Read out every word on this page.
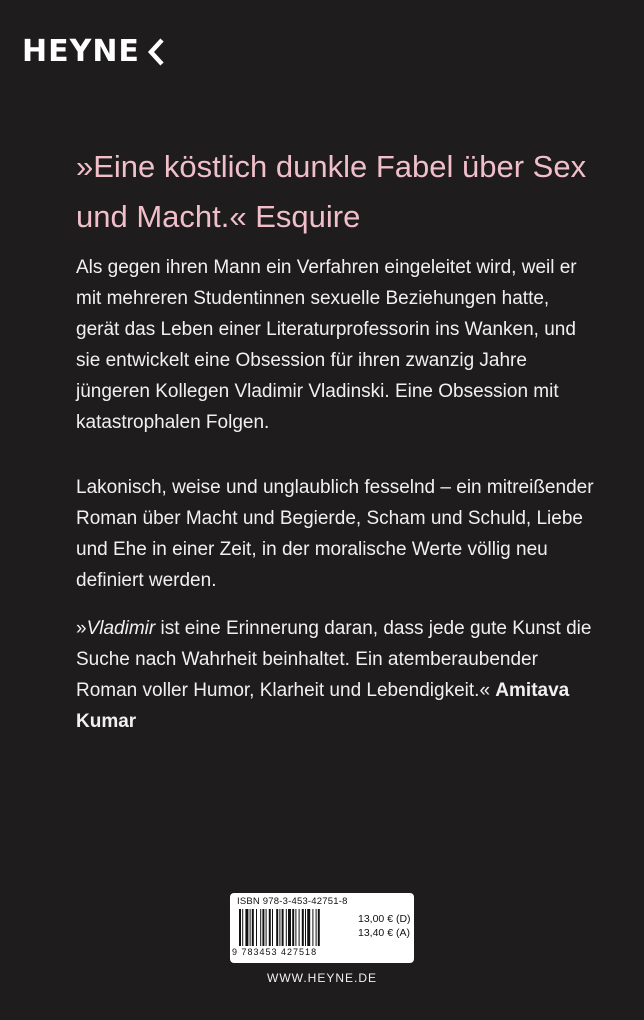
HEYNE

»Eine köstlich dunkle Fabel über Sex und Macht.« Esquire

Als gegen ihren Mann ein Verfahren eingeleitet wird, weil er mit mehreren Studentinnen sexuelle Beziehungen hatte, gerät das Leben einer Literaturprofessorin ins Wanken, und sie entwickelt eine Obsession für ihren zwanzig Jahre jüngeren Kollegen Vladimir Vladinski. Eine Obsession mit katastrophalen Folgen.

Lakonisch, weise und unglaublich fesselnd – ein mitreißender Roman über Macht und Begierde, Scham und Schuld, Liebe und Ehe in einer Zeit, in der moralische Werte völlig neu definiert werden.

»Vladimir ist eine Erinnerung daran, dass jede gute Kunst die Suche nach Wahrheit beinhaltet. Ein atemberaubender Roman voller Humor, Klarheit und Lebendigkeit.« Amitava Kumar

ISBN 978-3-453-42751-8
9 783453 427518
13,00 € (D)
13,40 € (A)
WWW.HEYNE.DE
